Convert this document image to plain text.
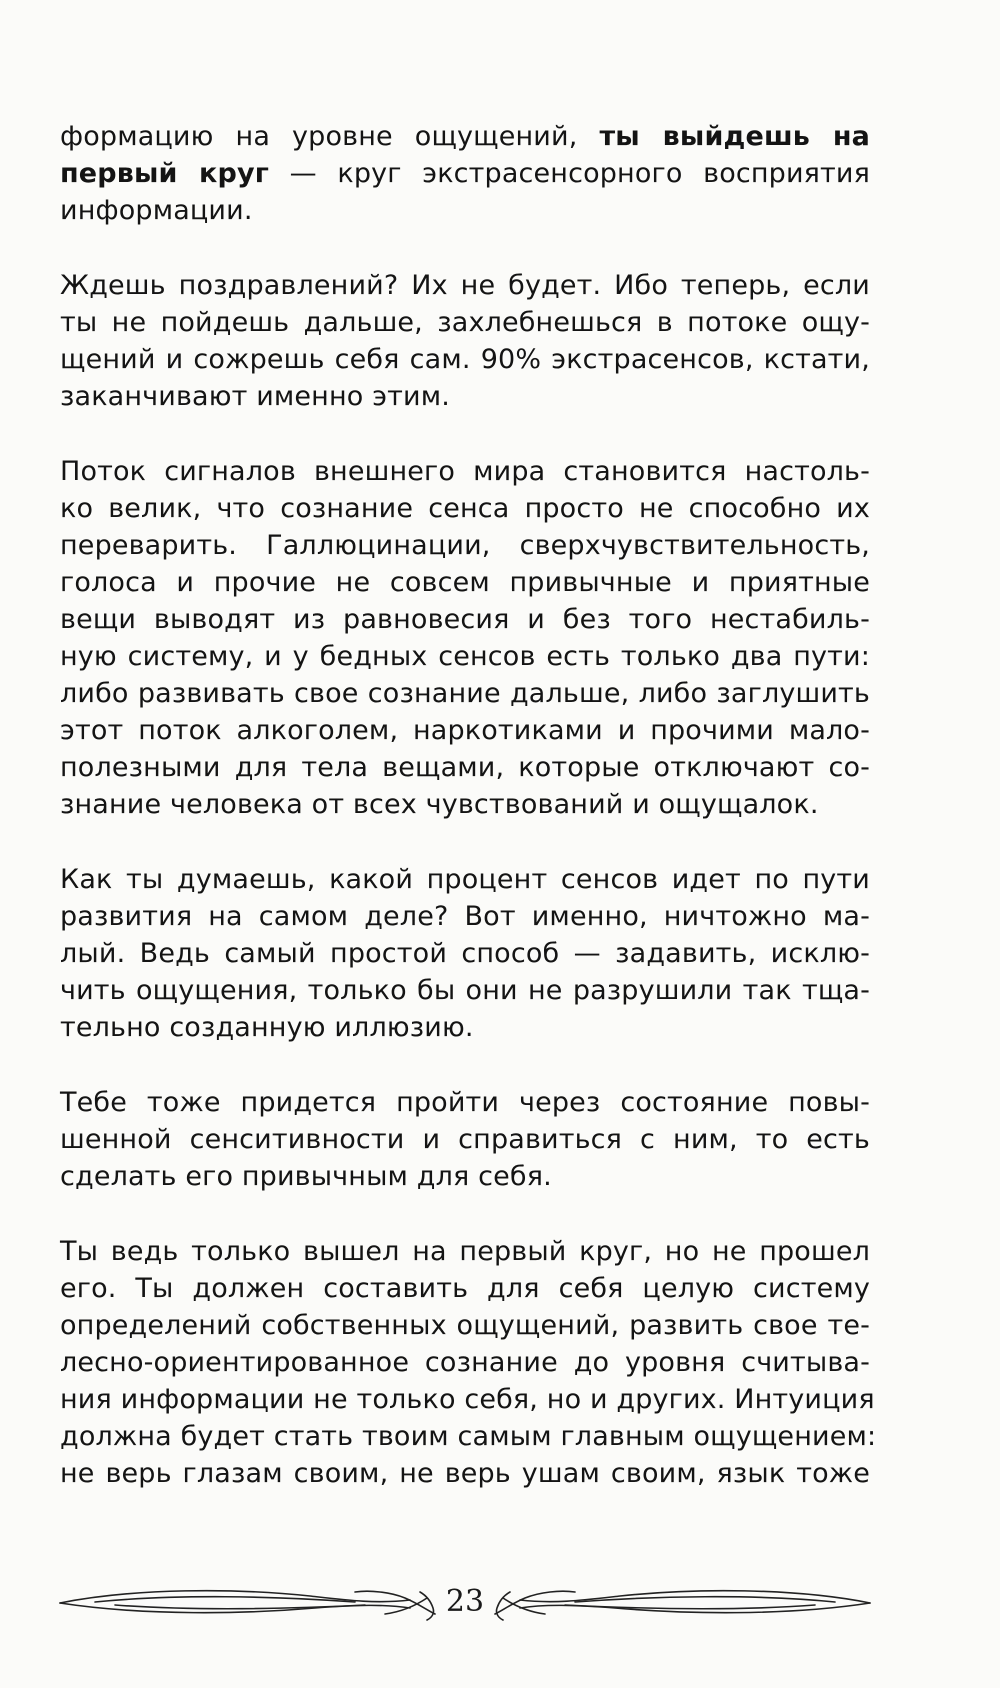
формацию на уровне ощущений, ты выйдешь на
первый круг — круг экстрасенсорного восприятия
информации.
Ждешь поздравлений? Их не будет. Ибо теперь, если
ты не пойдешь дальше, захлебнешься в потоке ощу-
щений и сожрешь себя сам. 90% экстрасенсов, кстати,
заканчивают именно этим.
Поток сигналов внешнего мира становится настоль-
ко велик, что сознание сенса просто не способно их
переварить. Галлюцинации, сверхчувствительность,
голоса и прочие не совсем привычные и приятные
вещи выводят из равновесия и без того нестабиль-
ную систему, и у бедных сенсов есть только два пути:
либо развивать свое сознание дальше, либо заглушить
этот поток алкоголем, наркотиками и прочими мало-
полезными для тела вещами, которые отключают со-
знание человека от всех чувствований и ощущалок.
Как ты думаешь, какой процент сенсов идет по пути
развития на самом деле? Вот именно, ничтожно ма-
лый. Ведь самый простой способ — задавить, исклю-
чить ощущения, только бы они не разрушили так тща-
тельно созданную иллюзию.
Тебе тоже придется пройти через состояние повы-
шенной сенситивности и справиться с ним, то есть
сделать его привычным для себя.
Ты ведь только вышел на первый круг, но не прошел
его. Ты должен составить для себя целую систему
определений собственных ощущений, развить свое те-
лесно-ориентированное сознание до уровня считыва-
ния информации не только себя, но и других. Интуиция
должна будет стать твоим самым главным ощущением:
не верь глазам своим, не верь ушам своим, язык тоже
23
